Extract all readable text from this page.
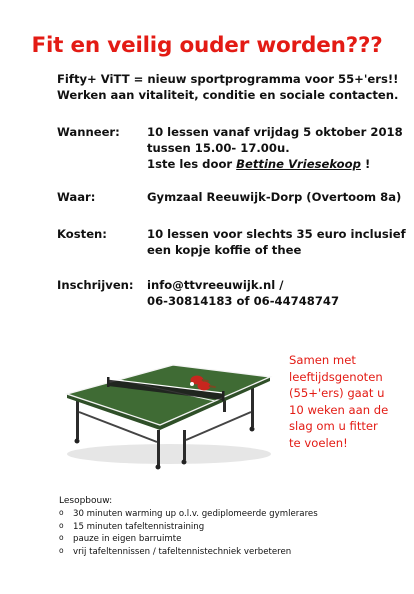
Fit en veilig ouder worden???
Fifty+ ViTT = nieuw sportprogramma voor 55+'ers!!
Werken aan vitaliteit, conditie en sociale contacten.
Wanneer: 10 lessen vanaf vrijdag 5 oktober 2018
tussen 15.00- 17.00u.
1ste les door Bettine Vriesekoop !
Waar:	Gymzaal Reeuwijk-Dorp (Overtoom 8a)
Kosten:	10 lessen voor slechts 35 euro inclusief
een kopje koffie of thee
Inschrijven: info@ttvreeuwijk.nl /
06-30814183 of 06-44748747
Samen met
leeftijdsgenoten
(55+'ers) gaat u
10 weken aan de
slag om u fitter
te voelen!
Lesopbouw:
o 30 minuten warming up o.l.v. gediplomeerde gymlerares
o 15 minuten tafeltennistraining
o pauze in eigen barruimte
o vrij tafeltennissen / tafeltennistechniek verbeteren
